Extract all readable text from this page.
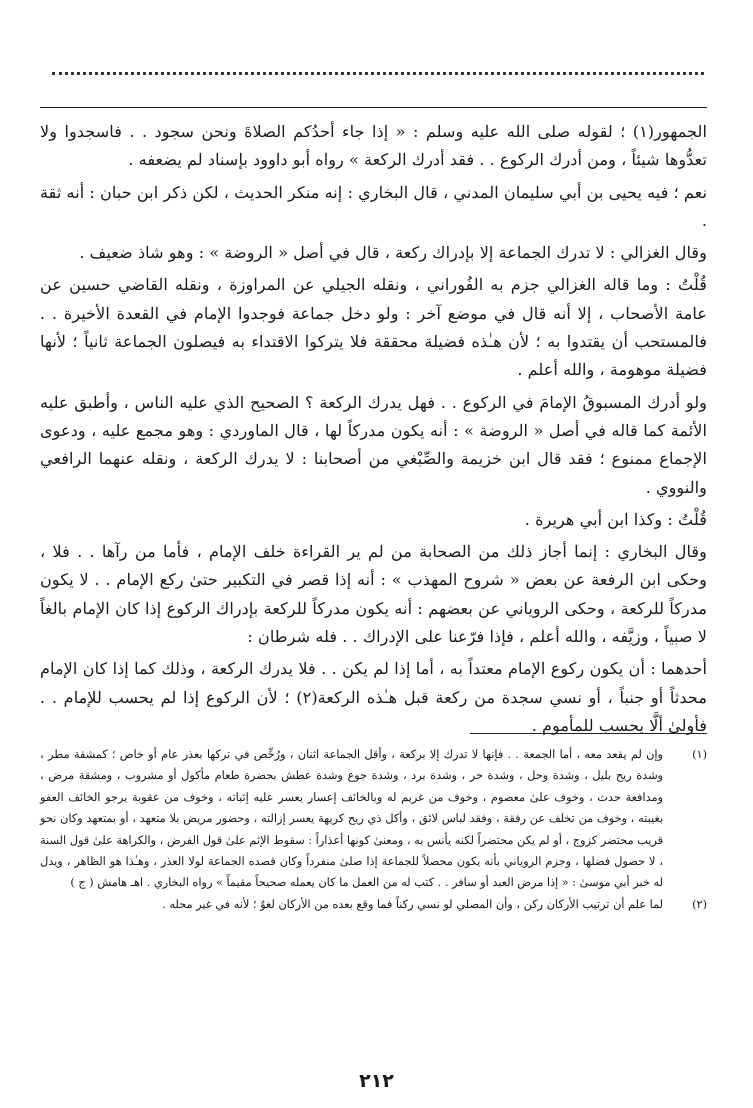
الجمهور(١) ؛ لقوله صلى الله عليه وسلم : « إذا جاء أحدُكم الصلاةَ ونحن سجود . . فاسجدوا ولا تعدُّوها شيئاً ، ومن أدرك الركوع . . فقد أدرك الركعة » رواه أبو داوود بإسناد لم يضعفه .

نعم ؛ فيه يحيى بن أبي سليمان المدني ، قال البخاري : إنه منكر الحديث ، لكن ذكر ابن حبان : أنه ثقة .

وقال الغزالي : لا تدرك الجماعة إلا بإدراك ركعة ، قال في أصل « الروضة » : وهو شاذ ضعيف .

قُلْتُ : وما قاله الغزالي جزم به الفُوراني ، ونقله الجيلي عن المراوزة ، ونقله القاضي حسين عن عامة الأصحاب ، إلا أنه قال في موضع آخر : ولو دخل جماعة فوجدوا الإمام في القعدة الأخيرة . . فالمستحب أن يقتدوا به ؛ لأن هـٰذه فضيلة محققة فلا يتركوا الاقتداء به فيصلون الجماعة ثانياً ؛ لأنها فضيلة موهومة ، والله أعلم .

ولو أدرك المسبوقُ الإمامَ في الركوع . . فهل يدرك الركعة ؟ الصحيح الذي عليه الناس ، وأطبق عليه الأئمة كما قاله في أصل « الروضة » : أنه يكون مدركاً لها ، قال الماوردي : وهو مجمع عليه ، ودعوى الإجماع ممنوع ؛ فقد قال ابن خزيمة والصِّبْغي من أصحابنا : لا يدرك الركعة ، ونقله عنهما الرافعي والنووي .

قُلْتُ : وكذا ابن أبي هريرة .

وقال البخاري : إنما أجاز ذلك من الصحابة من لم ير القراءة خلف الإمام ، فأما من رآها . . فلا ، وحكى ابن الرفعة عن بعض « شروح المهذب » : أنه إذا قصر في التكبير حتىٰ ركع الإمام . . لا يكون مدركاً للركعة ، وحكى الروياني عن بعضهم : أنه يكون مدركاً للركعة بإدراك الركوع إذا كان الإمام بالغاً لا صبياً ، وزيَّفه ، والله أعلم ، فإذا فرّعنا على الإدراك . . فله شرطان :

أحدهما : أن يكون ركوع الإمام معتداً به ، أما إذا لم يكن . . فلا يدرك الركعة ، وذلك كما إذا كان الإمام محدثاً أو جنباً ، أو نسي سجدة من ركعة قبل هـٰذه الركعة(٢) ؛ لأن الركوع إذا لم يحسب للإمام . . فأولىٰ ألَّا يحسب للمأموم .

(١)
وإن لم يقعد معه ، أما الجمعة . . فإنها لا تدرك إلا بركعة ، وأقل الجماعة اثنان ، ورُخِّص في تركها بعذر عام أو خاص ؛ كمشقة مطر ، وشدة ريح بليل ، وشدة وحل ، وشدة حر ، وشدة برد ، وشدة جوع وشدة عطش بحضرة طعام مأكول أو مشروب ، ومشقة مرض ، ومدافعة حدث ، وخوف علىٰ معصوم ، وخوف من غريم له وبالخائف إعسار يعسر عليه إثباته ، وخوف من عقوبة يرجو الخائف العفو بغيبته ، وخوف من تخلف عن رفقة ، وفقد لباس لائق ، وأكل ذي ريح كريهة يعسر إزالته ، وحضور مريض بلا متعهد ، أو بمتعهد وكان نحو قريب محتضر كزوج ، أو لم يكن محتضراً لكنه يأنس به ، ومعنىٰ كونها أعذاراً : سقوط الإثم علىٰ قول الفرض ، والكراهة علىٰ قول السنة ، لا حصول فضلها ، وجزم الروياني بأنه يكون محصلاً للجماعة إذا صلىٰ منفرداً وكان قصده الجماعة لولا العذر ، وهـٰذا هو الظاهر ، ويدل له خبر أبي موسىٰ : « إذا مرض العبد أو سافر . . كتب له من العمل ما كان يعمله صحيحاً مقيماً » رواه البخاري . اهـ هامش ( ج )
(٢)
لما علم أن ترتيب الأركان ركن ، وأن المصلي لو نسي ركناً فما وقع بعده من الأركان لغوٌ ؛ لأنه في غير محله .
٢١٢
